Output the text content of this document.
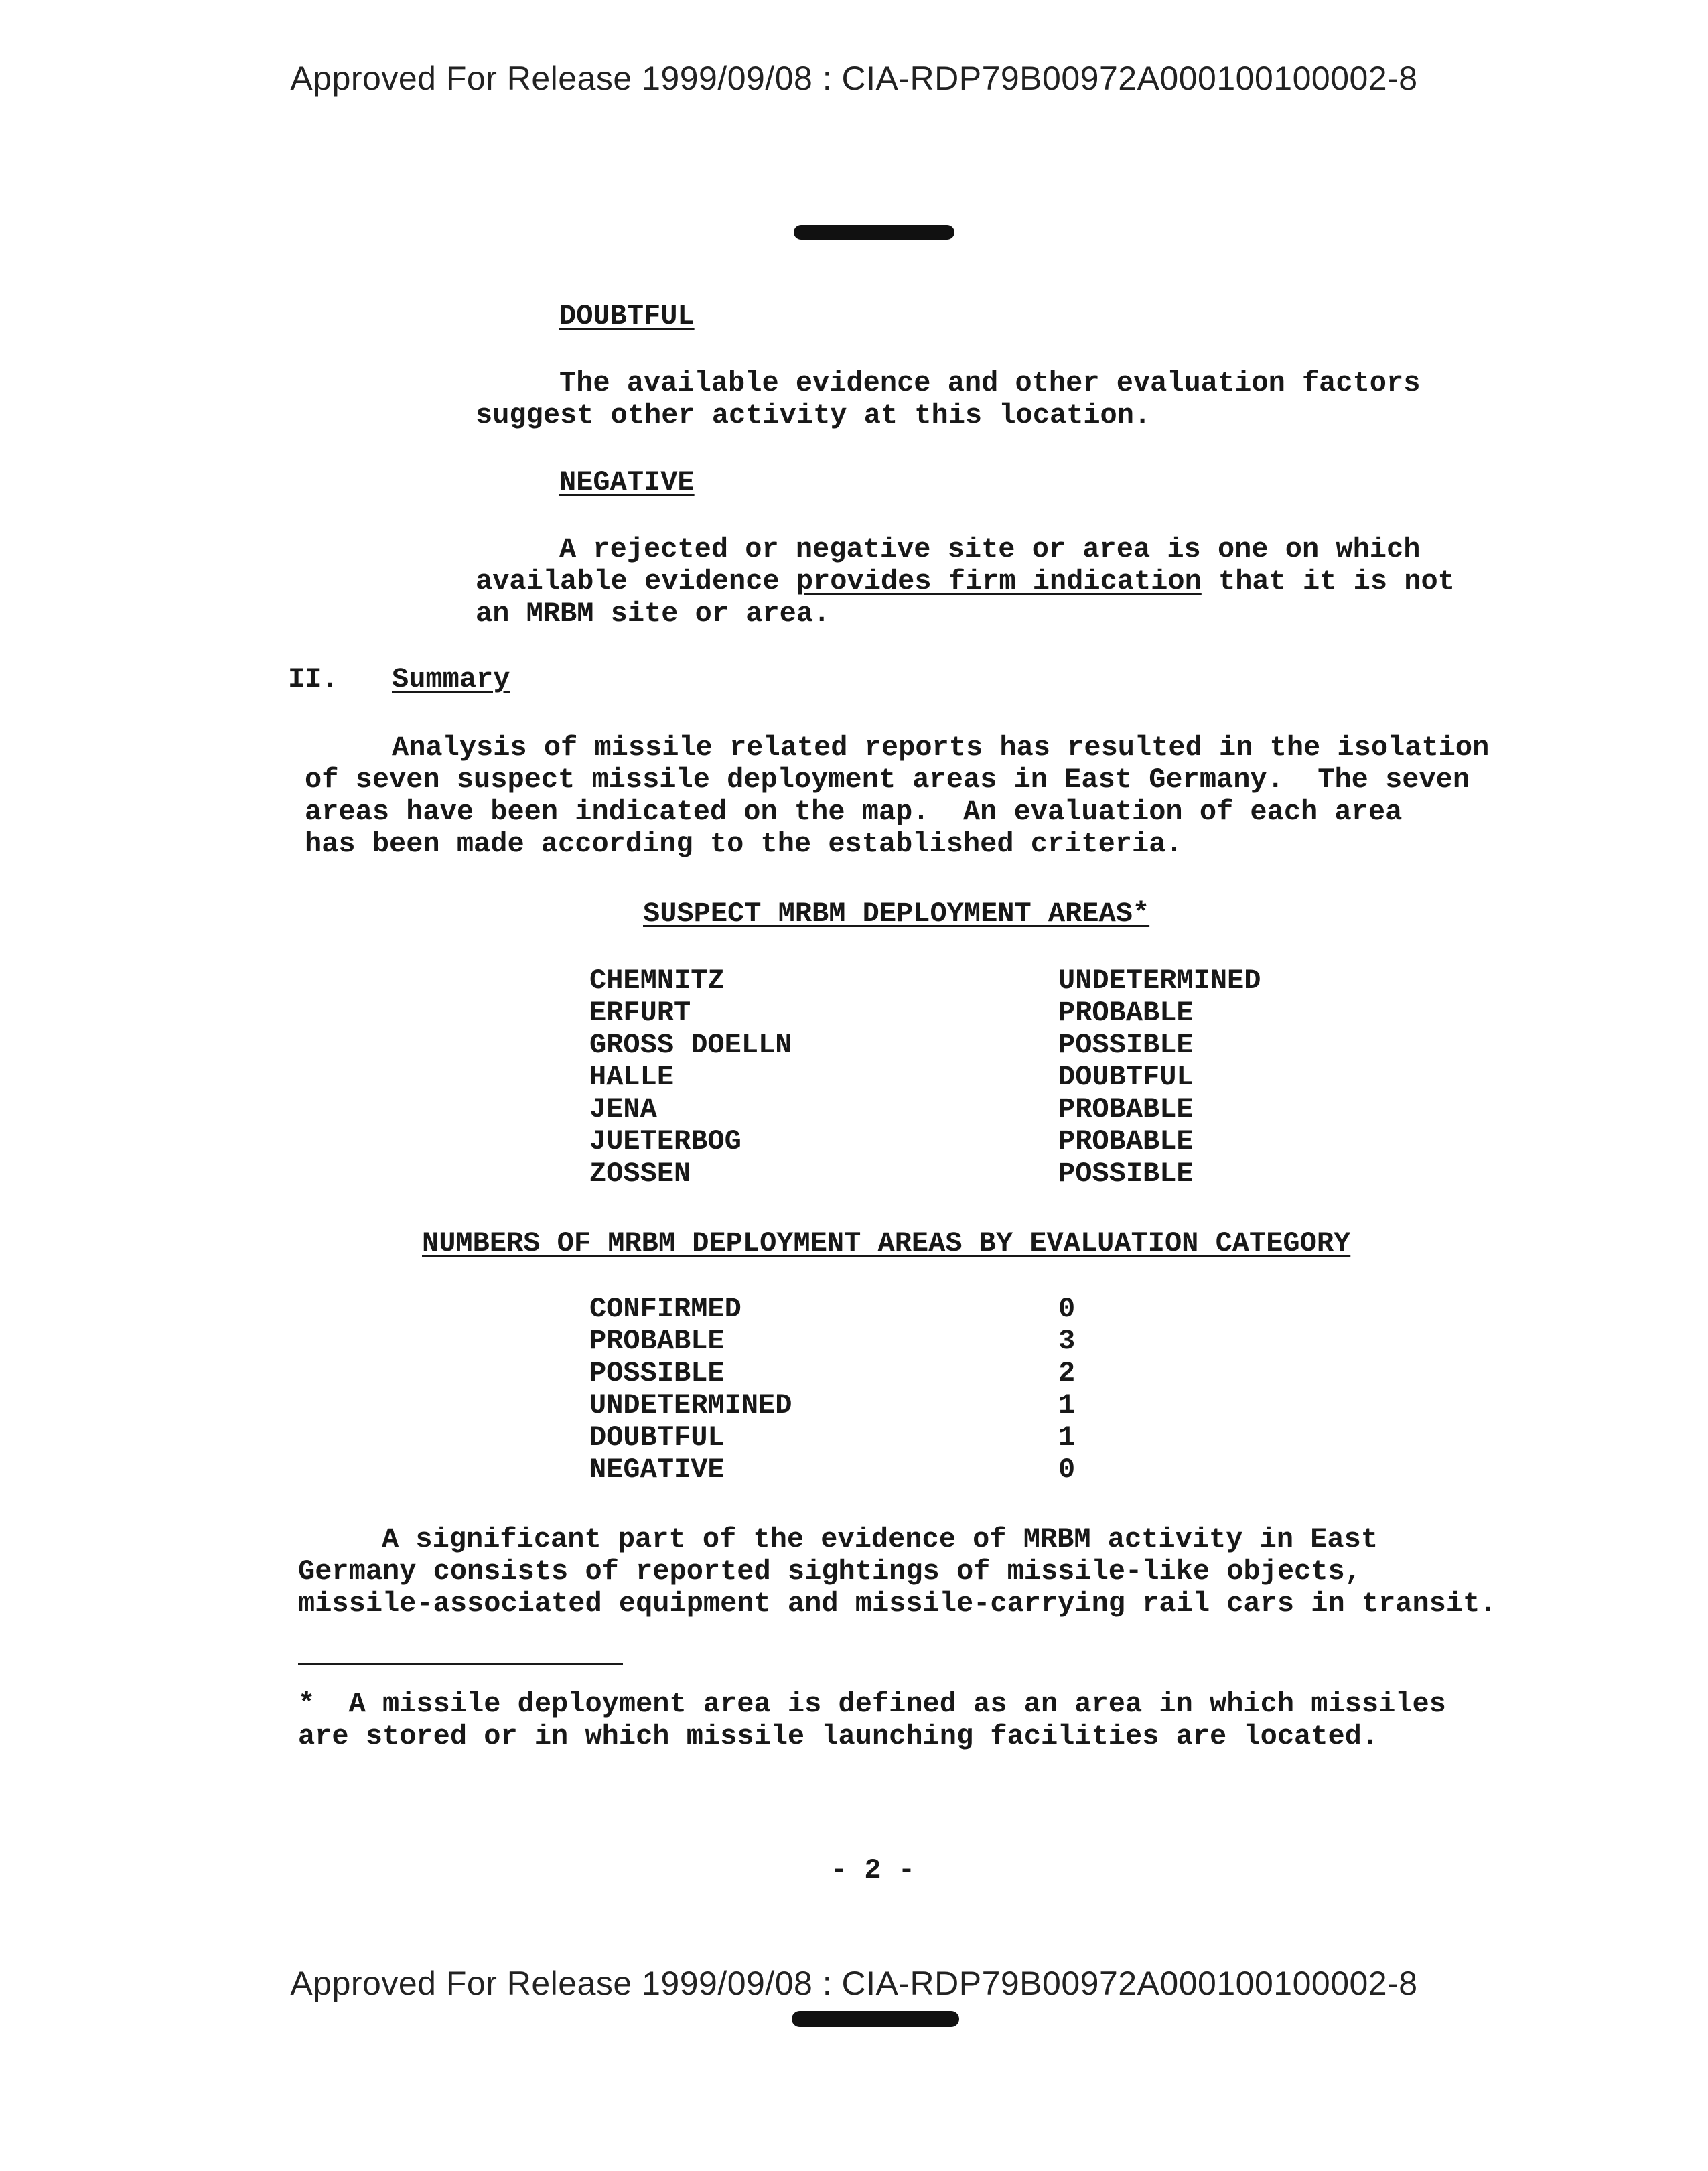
Approved For Release 1999/09/08 : CIA-RDP79B00972A000100100002-8
DOUBTFUL
The available evidence and other evaluation factors
suggest other activity at this location.
NEGATIVE
A rejected or negative site or area is one on which
available evidence provides firm indication that it is not
an MRBM site or area.
II. Summary
Analysis of missile related reports has resulted in the isolation
of seven suspect missile deployment areas in East Germany.  The seven
areas have been indicated on the map.  An evaluation of each area
has been made according to the established criteria.
SUSPECT MRBM DEPLOYMENT AREAS*
CHEMNITZ	UNDETERMINED
ERFURT	PROBABLE
GROSS DOELLN	POSSIBLE
HALLE	DOUBTFUL
JENA	PROBABLE
JUETERBOG	PROBABLE
ZOSSEN	POSSIBLE
NUMBERS OF MRBM DEPLOYMENT AREAS BY EVALUATION CATEGORY
CONFIRMED	0
PROBABLE	3
POSSIBLE	2
UNDETERMINED	1
DOUBTFUL	1
NEGATIVE	0
A significant part of the evidence of MRBM activity in East
Germany consists of reported sightings of missile-like objects,
missile-associated equipment and missile-carrying rail cars in transit.
*  A missile deployment area is defined as an area in which missiles
are stored or in which missile launching facilities are located.
- 2 -
Approved For Release 1999/09/08 : CIA-RDP79B00972A000100100002-8
